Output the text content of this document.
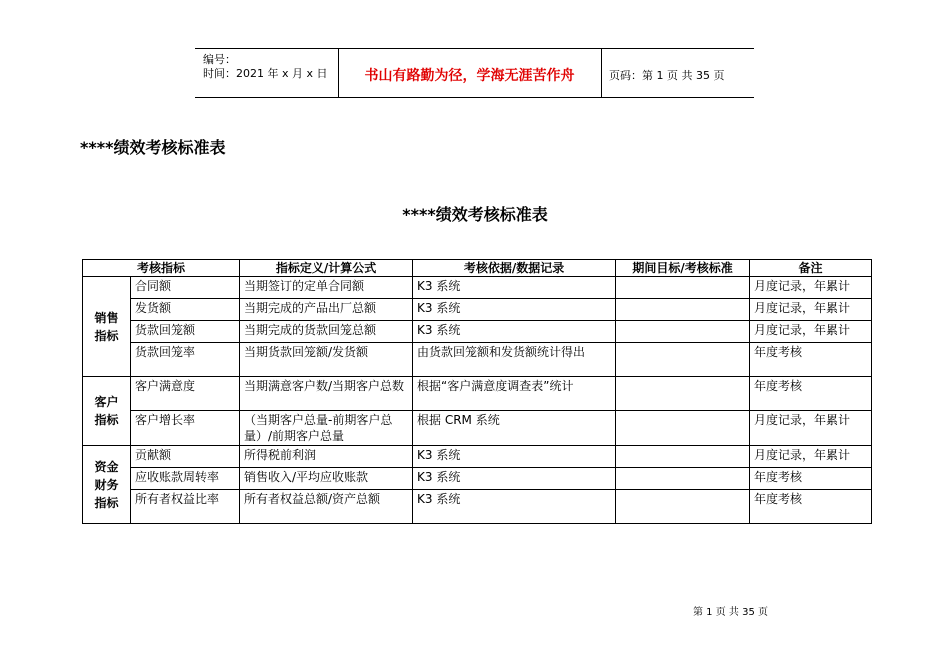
编号：
时间：2021 年 x 月 x 日	书山有路勤为径，学海无涯苦作舟	页码：第 1 页 共 35 页
****绩效考核标准表
****绩效考核标准表
考核指标		指标定义/计算公式	考核依据/数据记录	期间目标/考核标准	备注
销售指标	合同额	当期签订的定单合同额	K3 系统		月度记录，年累计
	发货额	当期完成的产品出厂总额	K3 系统		月度记录，年累计
	货款回笼额	当期完成的货款回笼总额	K3 系统		月度记录，年累计
	货款回笼率	当期货款回笼额/发货额	由货款回笼额和发货额统计得出		年度考核
客户指标	客户满意度	当期满意客户数/当期客户总数	根据“客户满意度调查表”统计		年度考核
	客户增长率	（当期客户总量-前期客户总量）/前期客户总量	根据 CRM 系统		月度记录，年累计
资金财务指标	贡献额	所得税前利润	K3 系统		月度记录，年累计
	应收账款周转率	销售收入/平均应收账款	K3 系统		年度考核
	所有者权益比率	所有者权益总额/资产总额	K3 系统		年度考核
第 1 页 共 35 页
